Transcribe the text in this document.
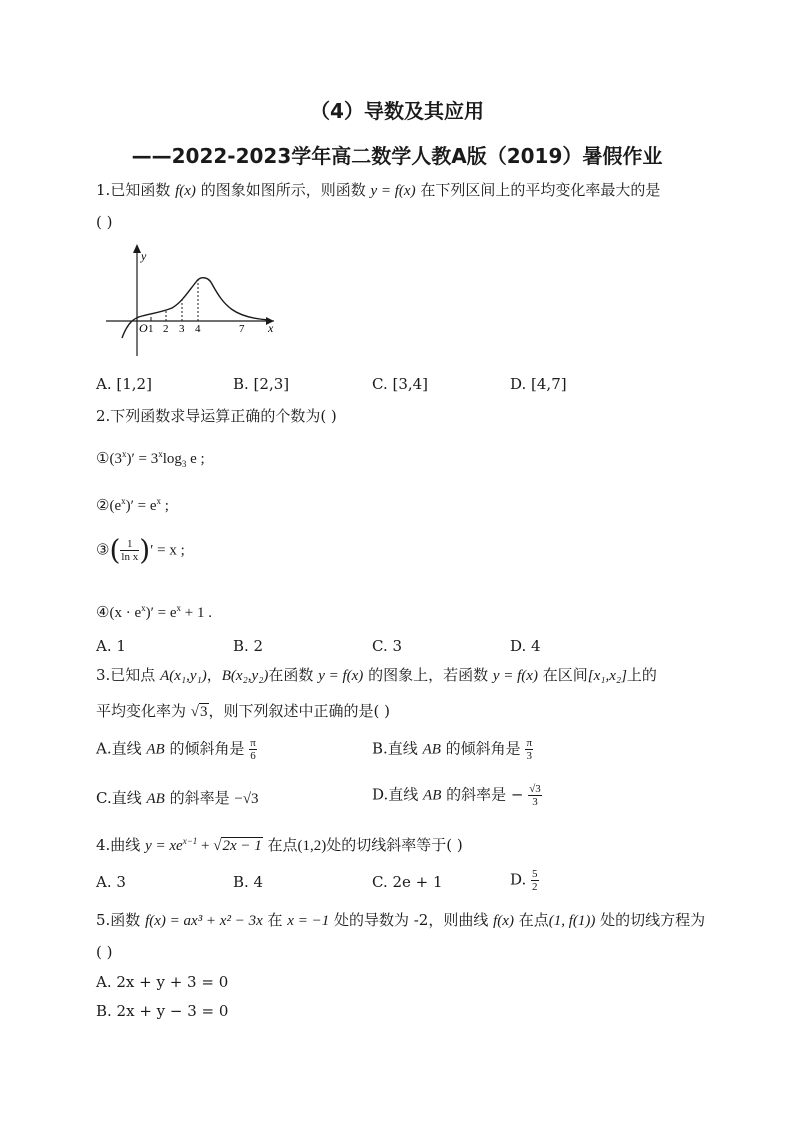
（4）导数及其应用
——2022-2023学年高二数学人教A版（2019）暑假作业
1.已知函数 f(x) 的图象如图所示，则函数 y = f(x) 在下列区间上的平均变化率最大的是
( )
y
x
O 1 2 3 4	7
A. [1,2]	B. [2,3]	C. [3,4]	D. [4,7]
2.下列函数求导运算正确的个数为( )
$①(3^x)' = 3^x\log_3$ e ;
$②(e^x)' = e^x$ ;
③( $\frac{1}{\text{ln x}}$ )′ = x ;
④(x · $e^x)' = e^x + 1$ .
A. 1	B. 2	C. 3	D. 4
3.已知点 A(x₁,y₁)，B(x₂,y₂)在函数 y = f(x) 的图象上，若函数 y = f(x) 在区间[x₁,x₂]上的
平均变化率为 √3，则下列叙述中正确的是( )
A.直线 AB 的倾斜角是 $\frac{\pi}{6}$	B.直线 AB 的倾斜角是 $\frac{\pi}{3}$
C.直线 AB 的斜率是 −√3	D.直线 AB 的斜率是 − $\frac{√3}{3}$
4.曲线 $y = xe^{x-1} + √2x - 1$ 在点(1,2)处的切线斜率等于( )
A. 3	B. 4	C. 2e + 1	D. $\frac{5}{2}$
5.函数 f(x) = ax³ + x² − 3x 在 x = −1 处的导数为 -2，则曲线 f(x) 在点(1, f(1)) 处的切线方程为
( )
A. 2x + y + 3 = 0
B. 2x + y − 3 = 0
